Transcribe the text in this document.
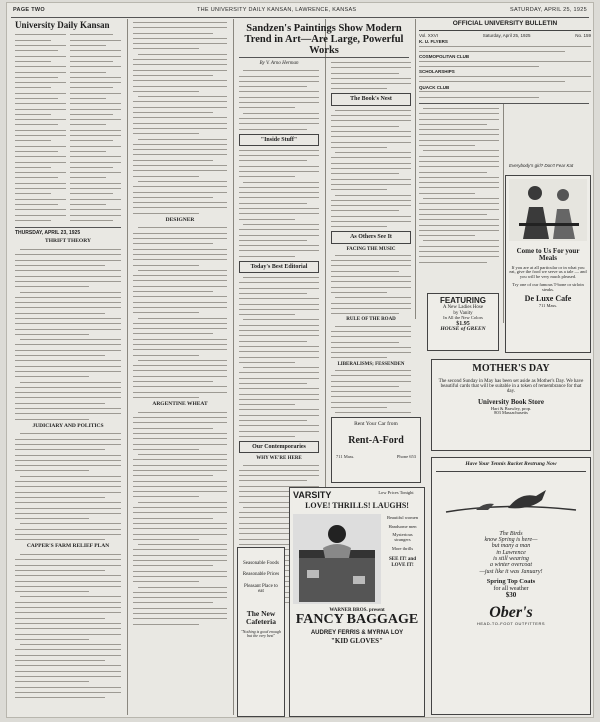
PAGE TWO	THE UNIVERSITY DAILY KANSAN, LAWRENCE, KANSAS	SATURDAY, APRIL 25, 1925
University Daily Kansan
THURSDAY, APRIL 23, 1925
THRIFT THEORY
JUDICIARY AND POLITICS
CAPPER'S FARM RELIEF PLAN
DESIGNER
ARGENTINE WHEAT
Sandzen's Paintings Show Modern Trend in Art—Are Large, Powerful Works
By V. Arno Herman
"Inside Stuff"
Today's Best Editorial
Our Contemporaries
WHY WE'RE HERE
The Book's Nest
As Others See It
FACING THE MUSIC
RULE OF THE ROAD
LIBERALISMS; FESSENDEN
OFFICIAL UNIVERSITY BULLETIN
Vol. XXVI	Saturday, April 25, 1925	No. 159
K. U. FLYERS
COSMOPOLITAN CLUB
SCHOLARSHIPS
QUACK CLUB
FEATURING
A New Ladies Hose
by Vanity
In All the New Colors
$1.95
HOUSE of GREEN
Everybody's girl? Don't Fear Kat
Come to Us For your Meals
If you are at all particular or in what you eat, give the food we serve us a tale — and you will be very much pleased.
Try one of our famous T-bone or sirloin steaks.
De Luxe Cafe
711 Mass.
MOTHER'S DAY
The second Sunday in May has been set aside as Mother's Day. We have beautiful cards that will be suitable in a token of remembrance for that day.
University Book Store
Hart & Brawley, prop.
803 Massachusetts
Have Your Tennis Racket Restrung Now
The Birds
know Spring is here—
but many a man
in Lawrence
is still wearing
a winter overcoat
—just like it was January!
Spring Top Coats
for all weather
$30
Ober's
HEAD-TO-FOOT OUTFITTERS
Seasonable Foods
Reasonable Prices
Pleasant Place to eat
The New Cafeteria
"Nothing is good enough but the very best"
Rent Your Car from
Rent-A-Ford
711 Mass.	Phone 653
VARSITY	Low Prices Tonight
LOVE! THRILLS! LAUGHS!
Beautiful women
Handsome men
Mysterious strangers
More thrills
SEE IT! and LOVE IT!
WARNER BROS. present
FANCY BAGGAGE
AUDREY FERRIS & MYRNA LOY
"KID GLOVES"
